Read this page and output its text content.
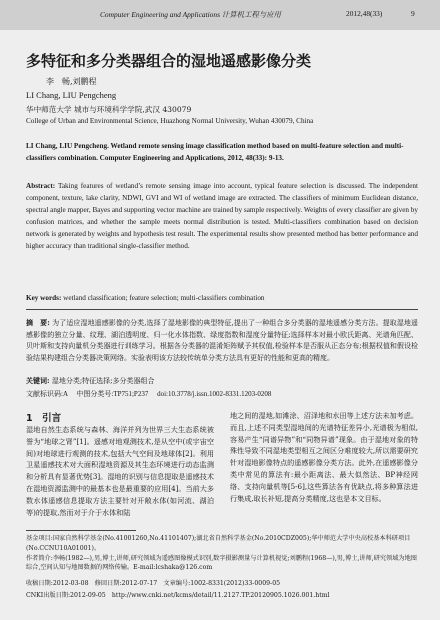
Computer Engineering and Applications 计算机工程与应用	2012,48(33)	9
多特征和多分类器组合的湿地遥感影像分类
李　畅,刘鹏程
LI Chang, LIU Pengcheng
华中师范大学 城市与环境科学学院,武汉 430079
College of Urban and Environmental Science, Huazhong Normal University, Wuhan 430079, China
LI Chang, LIU Pengcheng. Wetland remote sensing image classification method based on multi-feature selection and multi-classifiers combination. Computer Engineering and Applications, 2012, 48(33): 9-13.
Abstract: Taking features of wetland’s remote sensing image into account, typical feature selection is discussed. The independent component, texture, lake clarity, NDWI, GVI and WI of wetland image are extracted. The classifiers of minimum Euclidean distance, spectral angle mapper, Bayes and supporting vector machine are trained by sample respectively. Weights of every classifier are given by confusion matrices, and whether the sample meets normal distribution is tested. Multi-classifiers combination based on decision network is generated by weights and hypothesis test result. The experimental results show presented method has better performance and higher accuracy than traditional single-classifier method.
Key words: wetland classification; feature selection; multi-classifiers combination
摘　要: 为了适应湿地遥感影像的分类,选择了湿地影像的典型特征,提出了一种组合多分类器的湿地遥感分类方法。提取湿地遥感影像的独立分量、纹理、湖泊透明度、归一化水体指数、绿度指数和湿度分量特征;选择样本对最小欧氏距离、光谱角匹配、贝叶斯和支持向量机分类器进行训练学习。根据各分类器的混淆矩阵赋予其权值,检验样本是否服从正态分布;根据权值和假设检验结果构建组合分类器决策网络。实验表明该方法较传统单分类方法具有更好的性能和更高的精度。
关键词: 湿地分类;特征选择;多分类器组合
文献标识码:A　 中图分类号:TP751;P237　 doi:10.3778/j.issn.1002-8331.1203-0208
1　引言
湿地自然生态系统与森林、海洋并列为世界三大生态系统被誉为“地球之肾”[1]。遥感对地观测技术,是从空中(或宇宙空间)对地球进行观测的技术,包括大气空间及地球体[2]。利用卫星遥感技术对大面积湿地资源及其生态环境进行动态监测和分析具有显著优势[3]。湿地的识别与信息提取是遥感技术在湿地资源监测中的最基本也是最重要的应用[4]。当前大多数水体遥感信息提取方法主要针对开敞水体(如河流、湖泊等)的提取,然而对于介于水体和陆
地之间的湿地,如滩涂、沼泽地和水田等上述方法未加考虑。而且,上述不同类型湿地间的光谱特征差异小,光谱极为相似,容易产生“同谱异物”和“同物异谱”现象。由于湿地对象的特殊性导致不同湿地类型相互之间区分难度较大,所以需要研究针对湿地影像特点的遥感影像分类方法。此外,在遥感影像分类中常见的算法有:最小距离法、最大似然法、BP神经网络、支持向量机等[5-6],这些算法各有优缺点,将多种算法进行集成,取长补短,提高分类精度,这也是本文目标。

基金项目:国家自然科学基金(No.41001260,No.41101407);湖北省自然科学基金(No.2010CDZ005);华中师范大学中央高校基本科研项目(No.CCNU10A01001)。

作者简介:李畅(1982—),男,博士,讲师,研究领域为遥感图像模式识别,数字摄影测量与计算机视觉;刘鹏程(1968—),男,博士,讲师,研究领域为地图综合,空间认知与地图数据的网络传输。E-mail:lcshaka@126.com

收稿日期:2012-03-08　修回日期:2012-07-17　文章编号:1002-8331(2012)33-0009-05
CNKI出版日期:2012-09-05　http://www.cnki.net/kcms/detail/11.2127.TP.20120905.1026.001.html
